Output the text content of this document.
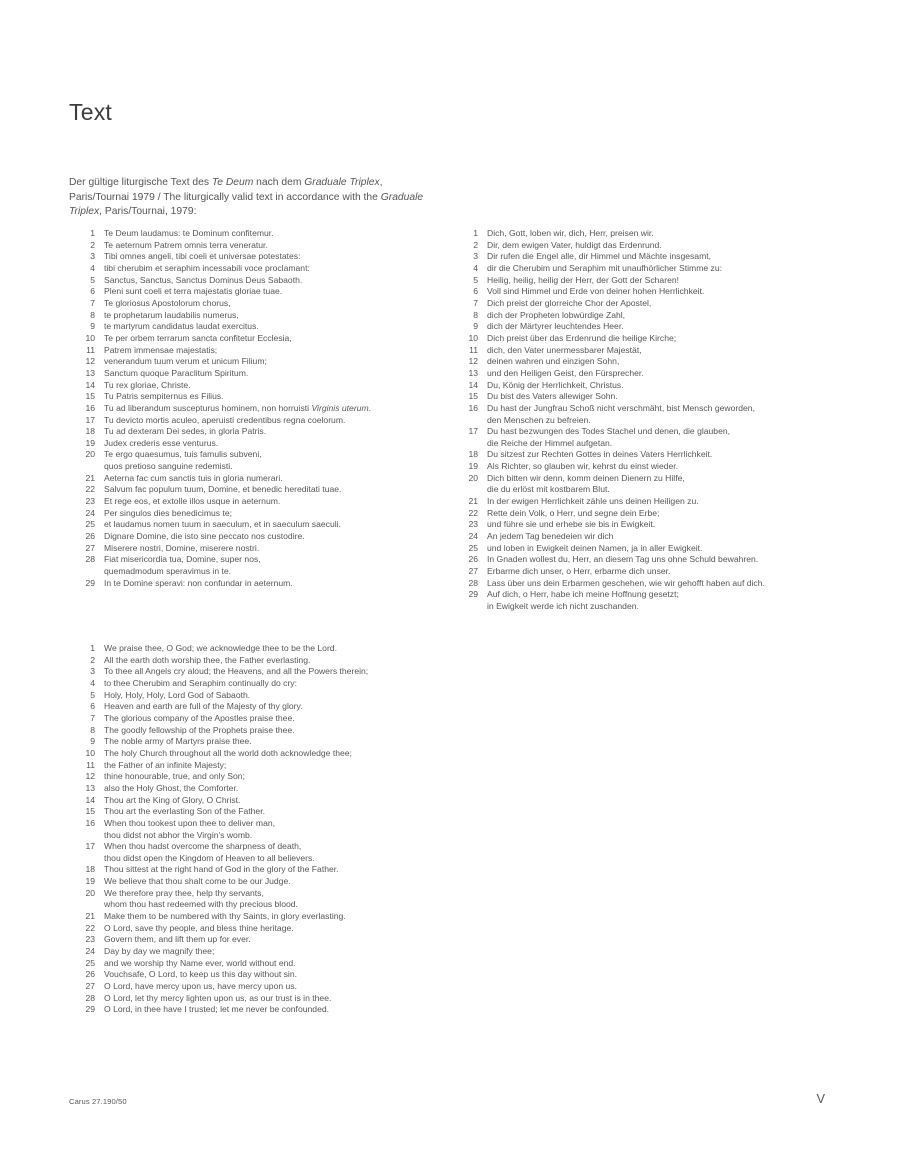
Text

Der gültige liturgische Text des Te Deum nach dem Graduale Triplex, Paris/Tournai 1979 / The liturgically valid text in accordance with the Graduale Triplex, Paris/Tournai, 1979:

1	Te Deum laudamus: te Dominum confitemur.
2	Te aeternum Patrem omnis terra veneratur.
3	Tibi omnes angeli, tibi coeli et universae potestates:
4	tibi cherubim et seraphim incessabili voce proclamant:
5	Sanctus, Sanctus, Sanctus Dominus Deus Sabaoth.
6	Pleni sunt coeli et terra majestatis gloriae tuae.
7	Te gloriosus Apostolorum chorus,
8	te prophetarum laudabilis numerus,
9	te martyrum candidatus laudat exercitus.
10	Te per orbem terrarum sancta confitetur Ecclesia,
11	Patrem immensae majestatis;
12	venerandum tuum verum et unicum Filium;
13	Sanctum quoque Paraclitum Spiritum.
14	Tu rex gloriae, Christe.
15	Tu Patris sempiternus es Filius.
16	Tu ad liberandum suscepturus hominem, non horruisti Virginis uterum.
17	Tu devicto mortis aculeo, aperuisti credentibus regna coelorum.
18	Tu ad dexteram Dei sedes, in gloria Patris.
19	Judex crederis esse venturus.
20	Te ergo quaesumus, tuis famulis subveni,
quos pretioso sanguine redemisti.
21	Aeterna fac cum sanctis tuis in gloria numerari.
22	Salvum fac populum tuum, Domine, et benedic hereditati tuae.
23	Et rege eos, et extolle illos usque in aeternum.
24	Per singulos dies benedicimus te;
25	et laudamus nomen tuum in saeculum, et in saeculum saeculi.
26	Dignare Domine, die isto sine peccato nos custodire.
27	Miserere nostri, Domine, miserere nostri.
28	Fiat misericordia tua, Domine, super nos,
quemadmodum speravimus in te.
29	In te Domine speravi: non confundar in aeternum.
1	Dich, Gott, loben wir, dich, Herr, preisen wir.
2	Dir, dem ewigen Vater, huldigt das Erdenrund.
3	Dir rufen die Engel alle, dir Himmel und Mächte insgesamt,
4	dir die Cherubim und Seraphim mit unaufhörlicher Stimme zu:
5	Heilig, heilig, heilig der Herr, der Gott der Scharen!
6	Voll sind Himmel und Erde von deiner hohen Herrlichkeit.
7	Dich preist der glorreiche Chor der Apostel,
8	dich der Propheten lobwürdige Zahl,
9	dich der Märtyrer leuchtendes Heer.
10	Dich preist über das Erdenrund die heilige Kirche;
11	dich, den Vater unermessbarer Majestät,
12	deinen wahren und einzigen Sohn,
13	und den Heiligen Geist, den Fürsprecher.
14	Du, König der Herrlichkeit, Christus.
15	Du bist des Vaters allewiger Sohn.
16	Du hast der Jungfrau Schoß nicht verschmäht, bist Mensch geworden,
den Menschen zu befreien.
17	Du hast bezwungen des Todes Stachel und denen, die glauben,
die Reiche der Himmel aufgetan.
18	Du sitzest zur Rechten Gottes in deines Vaters Herrlichkeit.
19	Als Richter, so glauben wir, kehrst du einst wieder.
20	Dich bitten wir denn, komm deinen Dienern zu Hilfe,
die du erlöst mit kostbarem Blut.
21	In der ewigen Herrlichkeit zähle uns deinen Heiligen zu.
22	Rette dein Volk, o Herr, und segne dein Erbe;
23	und führe sie und erhebe sie bis in Ewigkeit.
24	An jedem Tag benedeien wir dich
25	und loben in Ewigkeit deinen Namen, ja in aller Ewigkeit.
26	In Gnaden wollest du, Herr, an diesem Tag uns ohne Schuld bewahren.
27	Erbarme dich unser, o Herr, erbarme dich unser.
28	Lass über uns dein Erbarmen geschehen, wie wir gehofft haben auf dich.
29	Auf dich, o Herr, habe ich meine Hoffnung gesetzt;
in Ewigkeit werde ich nicht zuschanden.
1	We praise thee, O God; we acknowledge thee to be the Lord.
2	All the earth doth worship thee, the Father everlasting.
3	To thee all Angels cry aloud; the Heavens, and all the Powers therein;
4	to thee Cherubim and Seraphim continually do cry:
5	Holy, Holy, Holy, Lord God of Sabaoth.
6	Heaven and earth are full of the Majesty of thy glory.
7	The glorious company of the Apostles praise thee.
8	The goodly fellowship of the Prophets praise thee.
9	The noble army of Martyrs praise thee.
10	The holy Church throughout all the world doth acknowledge thee;
11	the Father of an infinite Majesty;
12	thine honourable, true, and only Son;
13	also the Holy Ghost, the Comforter.
14	Thou art the King of Glory, O Christ.
15	Thou art the everlasting Son of the Father.
16	When thou tookest upon thee to deliver man,
thou didst not abhor the Virgin's womb.
17	When thou hadst overcome the sharpness of death,
thou didst open the Kingdom of Heaven to all believers.
18	Thou sittest at the right hand of God in the glory of the Father.
19	We believe that thou shalt come to be our Judge.
20	We therefore pray thee, help thy servants,
whom thou hast redeemed with thy precious blood.
21	Make them to be numbered with thy Saints, in glory everlasting.
22	O Lord, save thy people, and bless thine heritage.
23	Govern them, and lift them up for ever.
24	Day by day we magnify thee;
25	and we worship thy Name ever, world without end.
26	Vouchsafe, O Lord, to keep us this day without sin.
27	O Lord, have mercy upon us, have mercy upon us.
28	O Lord, let thy mercy lighten upon us, as our trust is in thee.
29	O Lord, in thee have I trusted; let me never be confounded.
Carus 27.190/50	V
